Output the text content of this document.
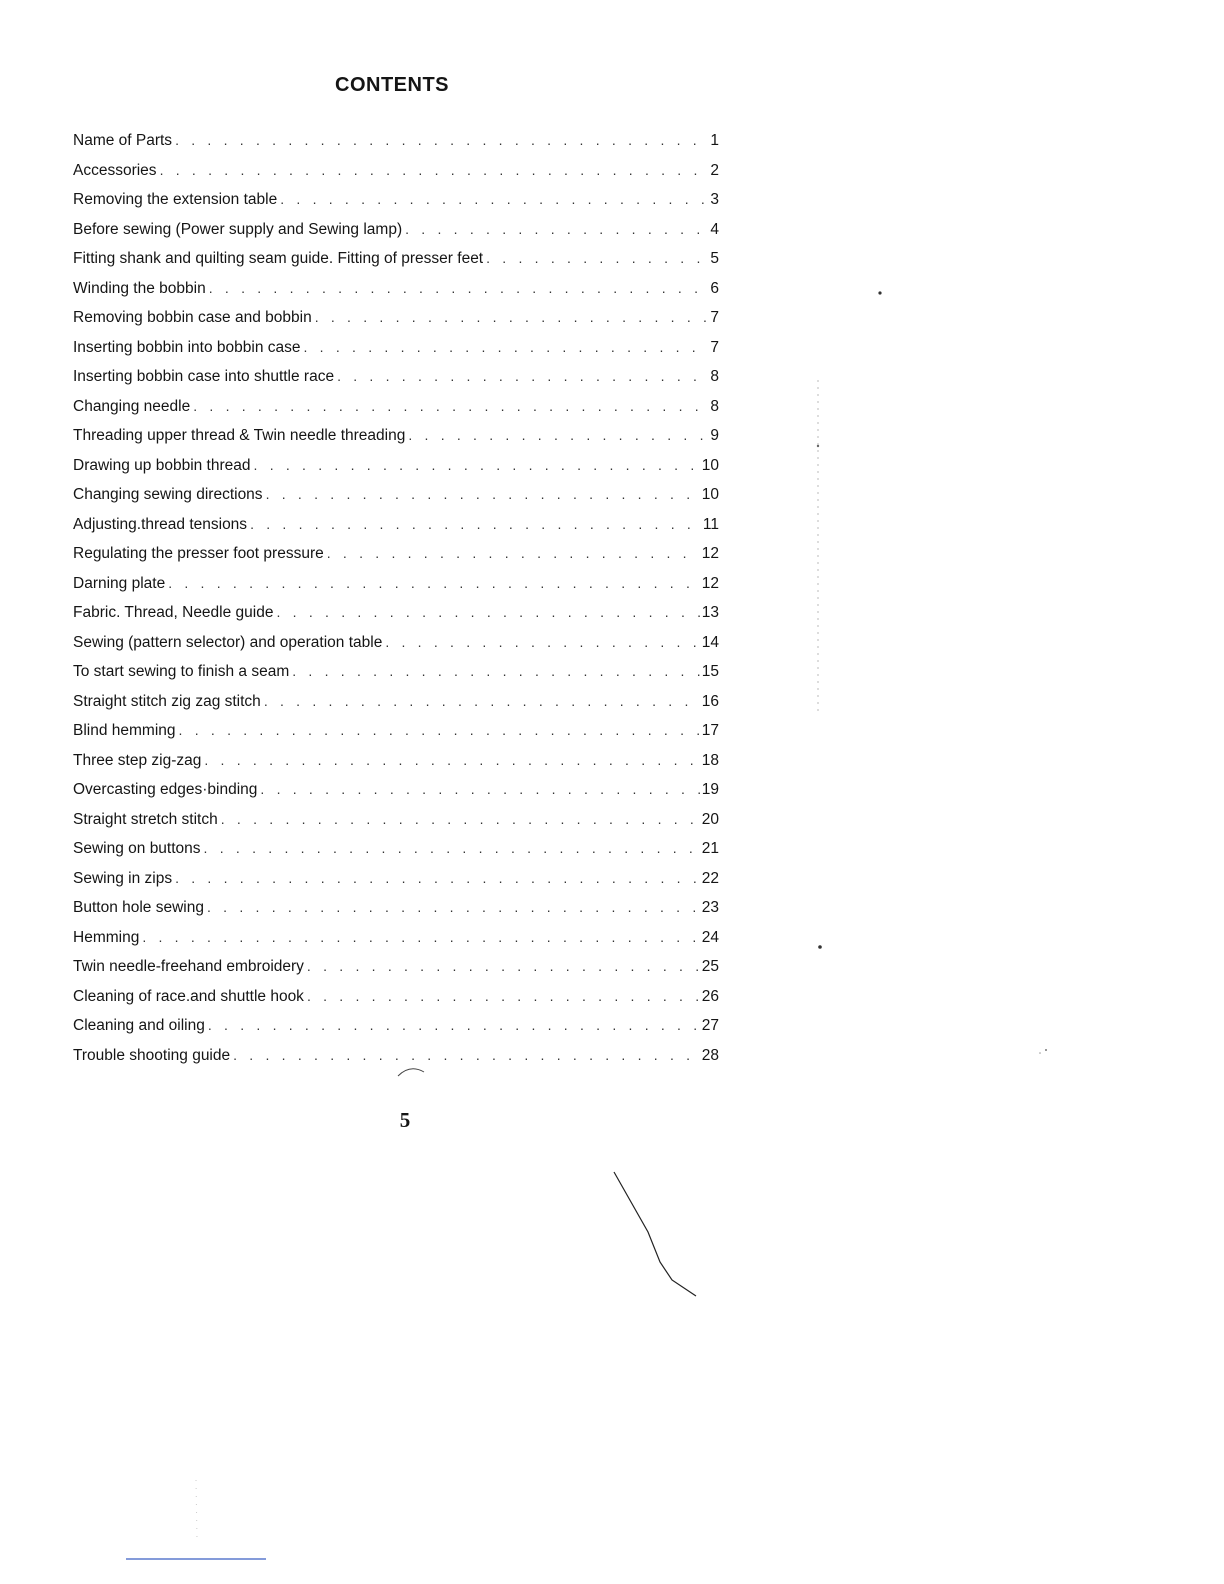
CONTENTS
Name of Parts . . .	1
Accessories . . .	2
Removing the extension table . . .	3
Before sewing (Power supply and Sewing lamp) . . .	4
Fitting shank and quilting seam guide. Fitting of presser feet . . .	5
Winding the bobbin . . .	6
Removing bobbin case and bobbin . . .	7
Inserting bobbin into bobbin case . . .	7
Inserting bobbin case into shuttle race . . .	8
Changing needle . . .	8
Threading upper thread & Twin needle threading . . .	9
Drawing up bobbin thread . . .	10
Changing sewing directions . . .	10
Adjusting.thread tensions . . .	11
Regulating the presser foot pressure . . .	12
Darning plate . . .	12
Fabric. Thread, Needle guide . . .	13
Sewing (pattern selector) and operation table . . .	14
To start sewing to finish a seam . . .	15
Straight stitch zig zag stitch . . .	16
Blind hemming . . .	17
Three step zig-zag . . .	18
Overcasting edges·binding . . .	19
Straight stretch stitch . . .	20
Sewing on buttons . . .	21
Sewing in zips . . .	22
Button hole sewing . . .	23
Hemming . . .	24
Twin needle-freehand embroidery . . .	25
Cleaning of race.and shuttle hook . . .	26
Cleaning and oiling . . .	27
Trouble shooting guide . . .	28
5
